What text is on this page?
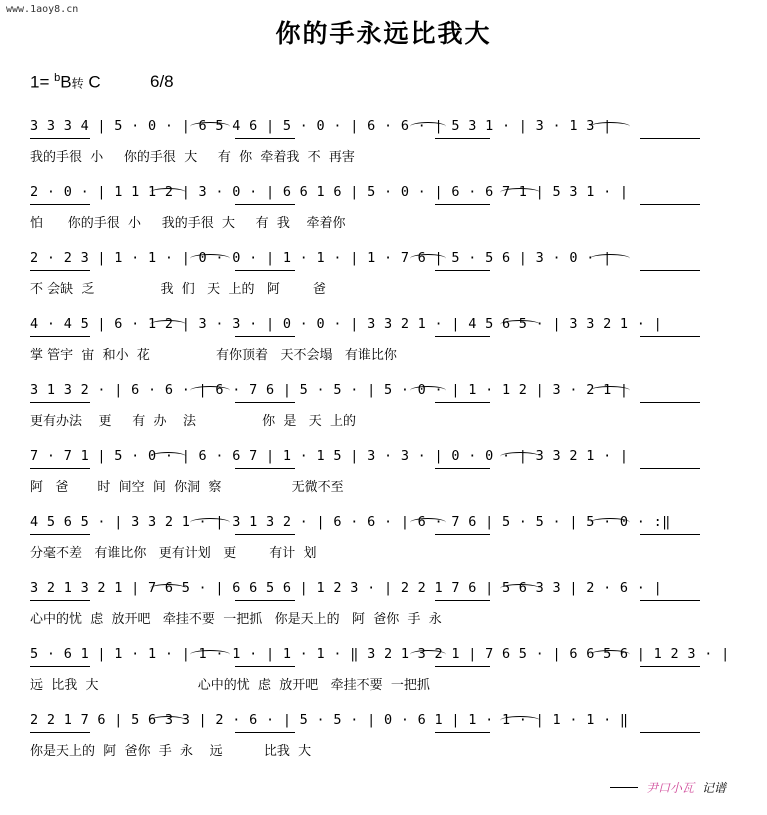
www.1aoy8.cn
你的手永远比我大
1= $^b$B转 C	6/8
3 3 3 4 | 5 · 0 · | 6 5 4 6 | 5 · 0 · | 6 · 6 · | 5 3 1 · | 3 · 1 3 |
我的手很  小     你的手很  大     有  你  牵着我  不  再害
2 · 0 · | 1 1 1 2 | 3 · 0 · | 6 6 1 6 | 5 · 0 · | 6 · 6 7 1 | 5 3 1 · |
怕      你的手很  小     我的手很  大     有  我    牵着你
2 · 2 3 | 1 · 1 · | 0 · 0 · | 1 · 1 · | 1 · 7 6 | 5 · 5 6 | 3 · 0 · |
不 会缺  乏                我  们   天  上的   阿        爸
4 · 4 5 | 6 · 1 2 | 3 · 3 · | 0 · 0 · | 3 3 2 1 · | 4 5 6 5 · | 3 3 2 1 · |
掌 管宇  宙  和小  花                有你顶着   天不会塌   有谁比你
3 1 3 2 · | 6 · 6 · | 6 · 7 6 | 5 · 5 · | 5 · 0 · | 1 · 1 2 | 3 · 2 1 |
更有办法    更     有  办    法                你  是   天  上的
7 · 7 1 | 5 · 0 · | 6 · 6 7 | 1 · 1 5 | 3 · 3 · | 0 · 0 · | 3 3 2 1 · |
阿   爸       时  间空  间  你洞  察                 无微不至
4 5 6 5 · | 3 3 2 1 · | 3 1 3 2 · | 6 · 6 · | 6 · 7 6 | 5 · 5 · | 5 · 0 · :‖
分毫不差   有谁比你   更有计划   更        有计  划
3 2 1 3 2 1 | 7 6 5 · | 6 6 5 6 | 1 2 3 · | 2 2 1 7 6 | 5 6 3 3 | 2 · 6 · |
心中的忧  虑  放开吧   牵挂不要  一把抓   你是天上的   阿  爸你  手  永
5 · 6 1 | 1 · 1 · | 1 · 1 · | 1 · 1 · ‖ 3 2 1 3 2 1 | 7 6 5 · | 6 6 5 6 | 1 2 3 · |
远  比我  大                        心中的忧  虑  放开吧   牵挂不要  一把抓
2 2 1 7 6 | 5 6 3 3 | 2 · 6 · | 5 · 5 · | 0 · 6 1 | 1 · 1 · | 1 · 1 · ‖
你是天上的  阿  爸你  手  永    远          比我  大
尹口小瓦 记谱
